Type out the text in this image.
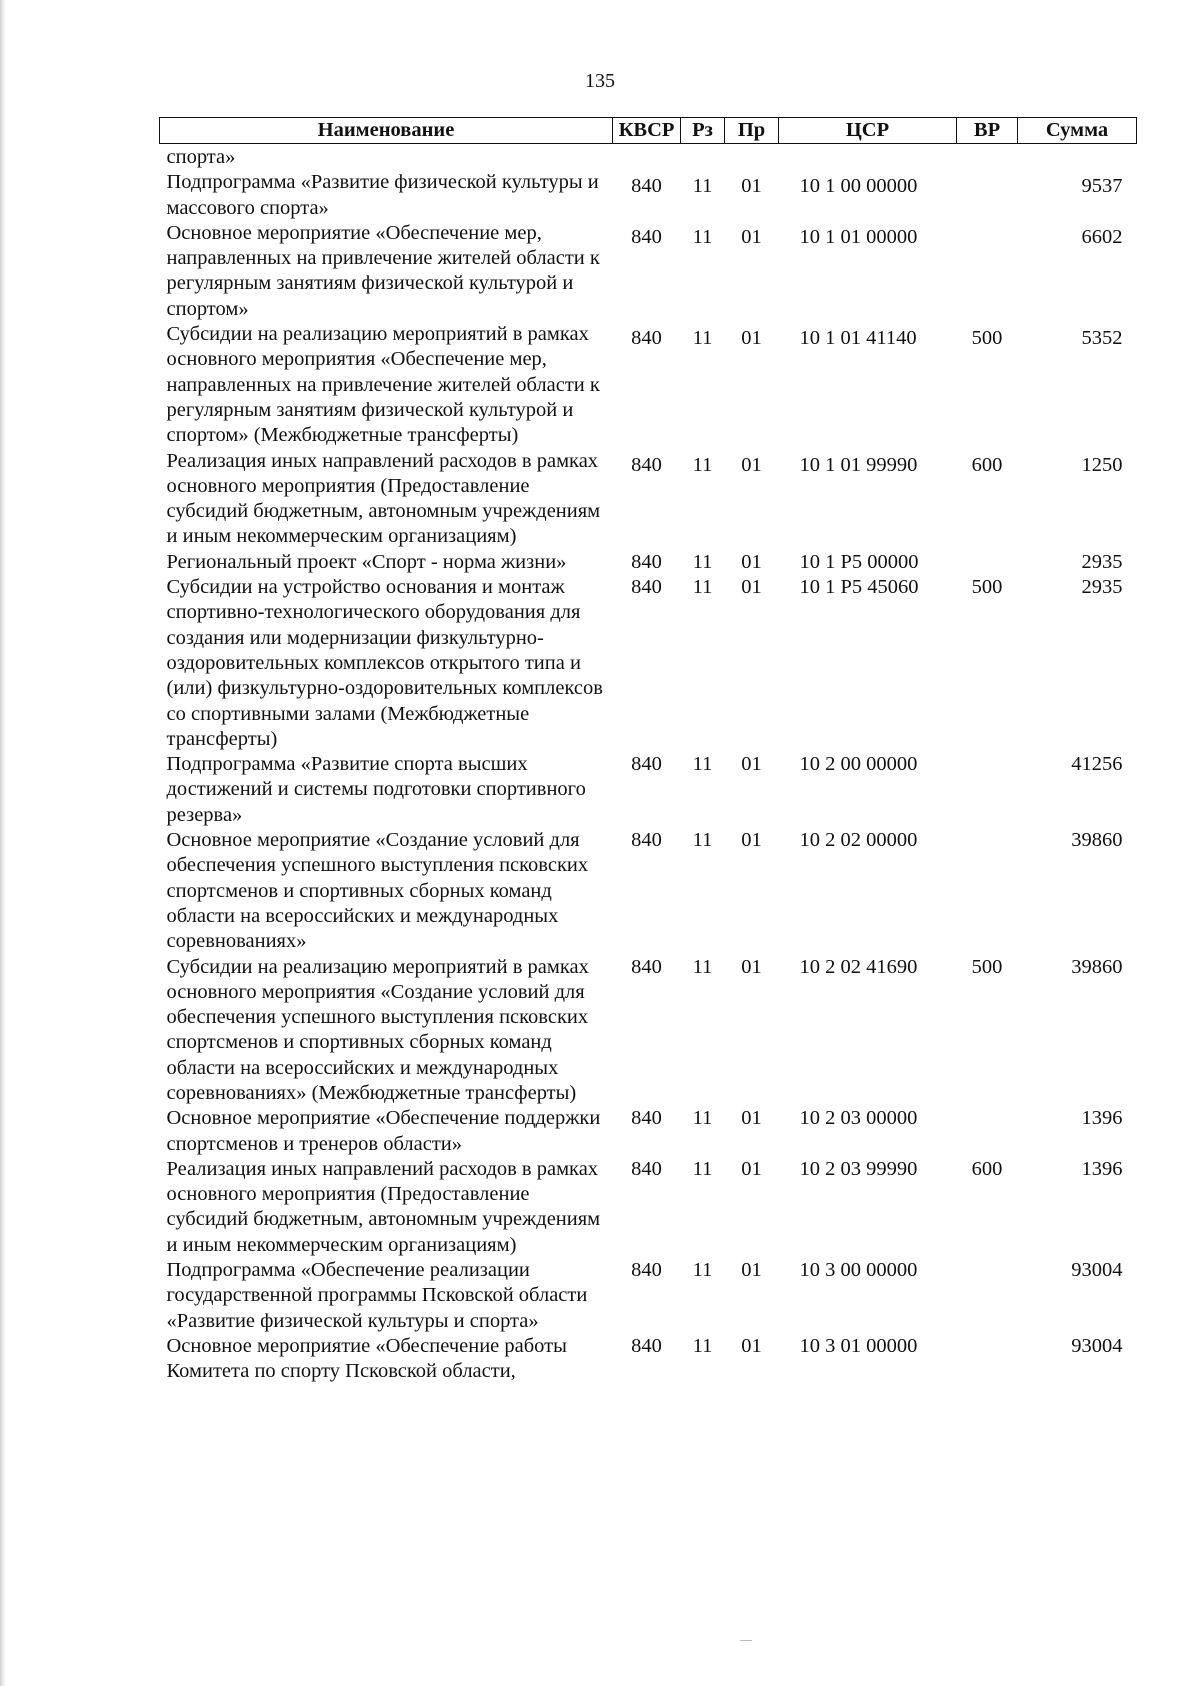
135
Наименование	КВСР	Рз	Пр	ЦСР	ВР	Сумма
спорта»						
Подпрограмма «Развитие физической культуры и массового спорта»	840	11	01	10 1 00 00000		9537
Основное мероприятие «Обеспечение мер, направленных на привлечение жителей области к регулярным занятиям физической культурой и спортом»	840	11	01	10 1 01 00000		6602
Субсидии на реализацию мероприятий в рамках основного мероприятия «Обеспечение мер, направленных на привлечение жителей области к регулярным занятиям физической культурой и спортом» (Межбюджетные трансферты)	840	11	01	10 1 01 41140	500	5352
Реализация иных направлений расходов в рамках основного мероприятия (Предоставление субсидий бюджетным, автономным учреждениям и иным некоммерческим организациям)	840	11	01	10 1 01 99990	600	1250
Региональный проект «Спорт - норма жизни»	840	11	01	10 1 P5 00000		2935
Субсидии на устройство основания и монтаж спортивно-технологического оборудования для создания или модернизации физкультурно-оздоровительных комплексов открытого типа и (или) физкультурно-оздоровительных комплексов со спортивными залами (Межбюджетные трансферты)	840	11	01	10 1 P5 45060	500	2935
Подпрограмма «Развитие спорта высших достижений и системы подготовки спортивного резерва»	840	11	01	10 2 00 00000		41256
Основное мероприятие «Создание условий для обеспечения успешного выступления псковских спортсменов и спортивных сборных команд области на всероссийских и международных соревнованиях»	840	11	01	10 2 02 00000		39860
Субсидии на реализацию мероприятий в рамках основного мероприятия «Создание условий для обеспечения успешного выступления псковских спортсменов и спортивных сборных команд области на всероссийских и международных соревнованиях» (Межбюджетные трансферты)	840	11	01	10 2 02 41690	500	39860
Основное мероприятие «Обеспечение поддержки спортсменов и тренеров области»	840	11	01	10 2 03 00000		1396
Реализация иных направлений расходов в рамках основного мероприятия (Предоставление субсидий бюджетным, автономным учреждениям и иным некоммерческим организациям)	840	11	01	10 2 03 99990	600	1396
Подпрограмма «Обеспечение реализации государственной программы Псковской области «Развитие физической культуры и спорта»	840	11	01	10 3 00 00000		93004
Основное мероприятие «Обеспечение работы Комитета по спорту Псковской области,	840	11	01	10 3 01 00000		93004
